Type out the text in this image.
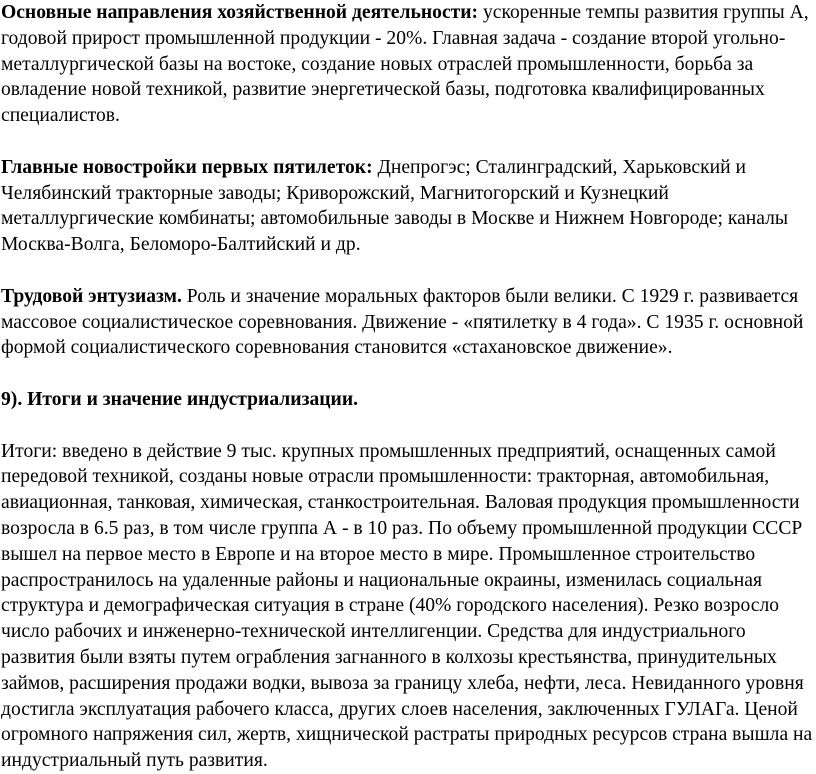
Основные направления хозяйственной деятельности: ускоренные темпы развития группы А, годовой прирост промышленной продукции - 20%. Главная задача - создание второй угольно-металлургической базы на востоке, создание новых отраслей промышленности, борьба за овладение новой техникой, развитие энергетической базы, подготовка квалифицированных специалистов.

Главные новостройки первых пятилеток: Днепрогэс; Сталинградский, Харьковский и Челябинский тракторные заводы; Криворожский, Магнитогорский и Кузнецкий металлургические комбинаты; автомобильные заводы в Москве и Нижнем Новгороде; каналы Москва-Волга, Беломоро-Балтийский и др.

Трудовой энтузиазм. Роль и значение моральных факторов были велики. С 1929 г. развивается массовое социалистическое соревнования. Движение - «пятилетку в 4 года». С 1935 г. основной формой социалистического соревнования становится «стахановское движение».

9). Итоги и значение индустриализации.

Итоги: введено в действие 9 тыс. крупных промышленных предприятий, оснащенных самой передовой техникой, созданы новые отрасли промышленности: тракторная, автомобильная, авиационная, танковая, химическая, станкостроительная. Валовая продукция промышленности возросла в 6.5 раз, в том числе группа А - в 10 раз. По объему промышленной продукции СССР вышел на первое место в Европе и на второе место в мире. Промышленное строительство распространилось на удаленные районы и национальные окраины, изменилась социальная структура и демографическая ситуация в стране (40% городского населения). Резко возросло число рабочих и инженерно-технической интеллигенции. Средства для индустриального развития были взяты путем ограбления загнанного в колхозы крестьянства, принудительных займов, расширения продажи водки, вывоза за границу хлеба, нефти, леса. Невиданного уровня достигла эксплуатация рабочего класса, других слоев населения, заключенных ГУЛАГа. Ценой огромного напряжения сил, жертв, хищнической растраты природных ресурсов страна вышла на индустриальный путь развития.
